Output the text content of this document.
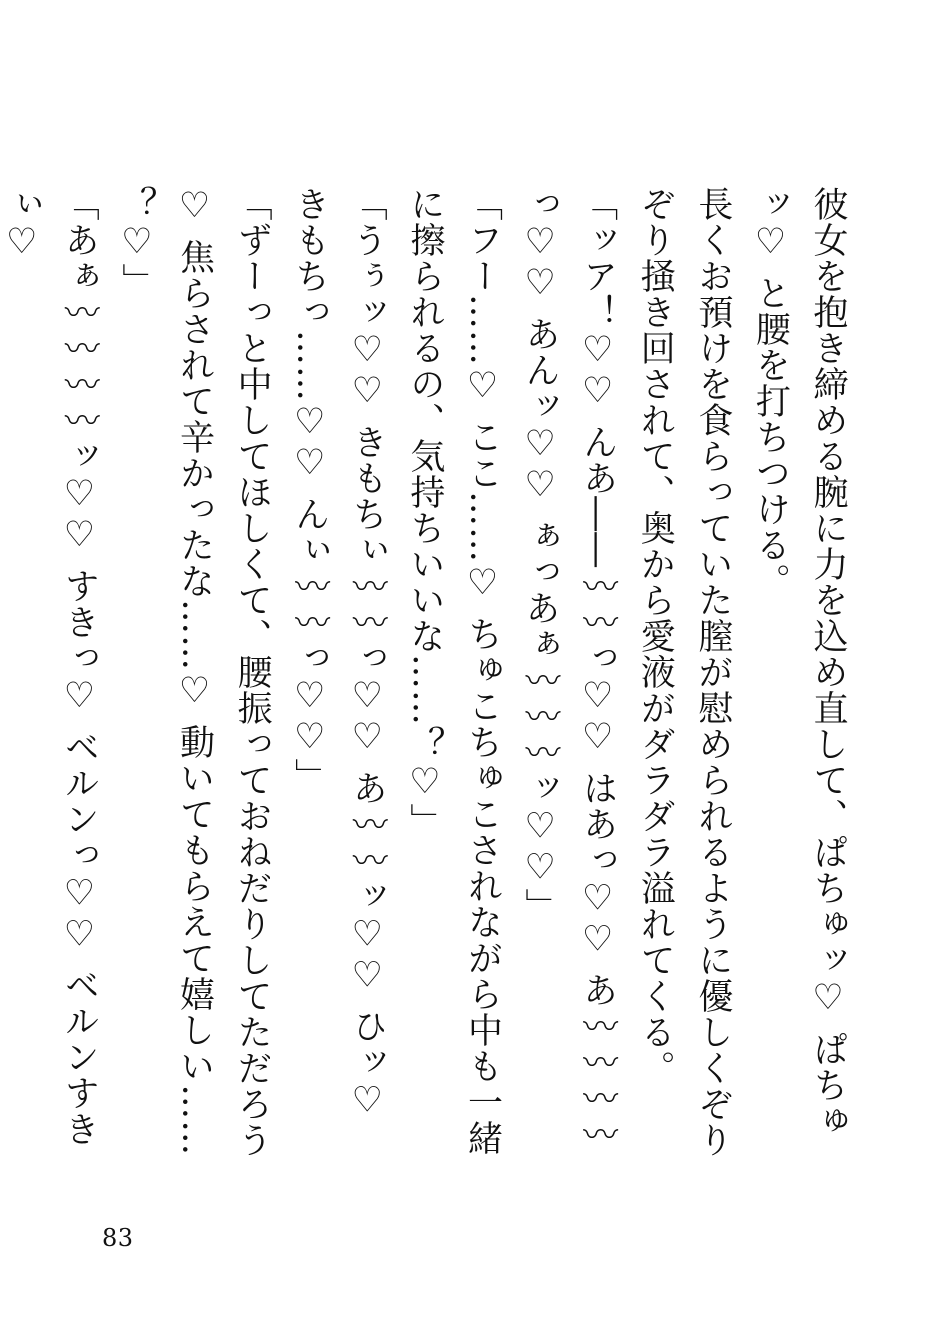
彼女を抱き締める腕に力を込め直して、ぱちゅッ♡ ぱちゅッ♡ と腰を打ちつける。

長くお預けを食らっていた膣が慰められるように優しくぞりぞり掻き回されて、奥から愛液がダラダラ溢れてくる。

「ッア！♡♡ んあ――〰〰っ♡♡ はあっ♡♡ あ〰〰〰〰っ♡♡ あんッ♡♡ ぁっあぁ〰〰〰ッ♡♡」

「フー……♡ ここ……♡ ちゅこちゅこされながら中も一緒に擦られるの、気持ちいいな……？♡」

「うぅッ♡♡ きもちぃ〰〰っ♡♡ あ〰〰ッ♡♡ ひッ♡ きもちっ……♡♡ んぃ〰〰っ♡♡」

「ずーっと中してほしくて、腰振っておねだりしてただろう♡ 焦らされて辛かったな……♡ 動いてもらえて嬉しい……？♡」

「あぁ〰〰〰〰ッ♡♡ すきっ♡ ベルンっ♡♡ ベルンすきぃ♡

83
